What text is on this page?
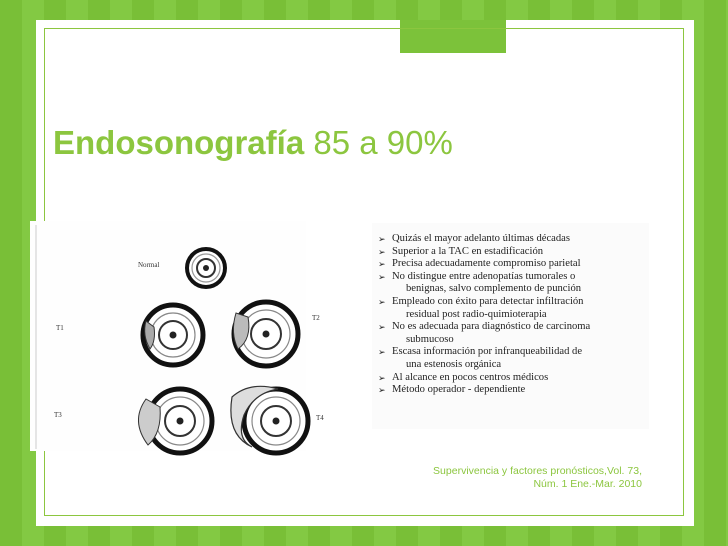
Endosonografía 85 a 90%
Normal
T1
T2
T3	T4
➢ Quizás el mayor adelanto últimas décadas
➢ Superior a la TAC en estadificación
➢ Precisa adecuadamente compromiso parietal
➢ No distingue entre adenopatías tumorales o
benignas, salvo complemento de punción
➢ Empleado con éxito para detectar infiltración
residual post radio-quimioterapia
➢ No es adecuada para diagnóstico de carcinoma
submucoso
➢ Escasa información por infranqueabilidad de
una estenosis orgánica
➢ Al alcance en pocos centros médicos
➢ Método operador - dependiente
Supervivencia y factores pronósticos,Vol. 73,
Núm. 1 Ene.-Mar. 2010
